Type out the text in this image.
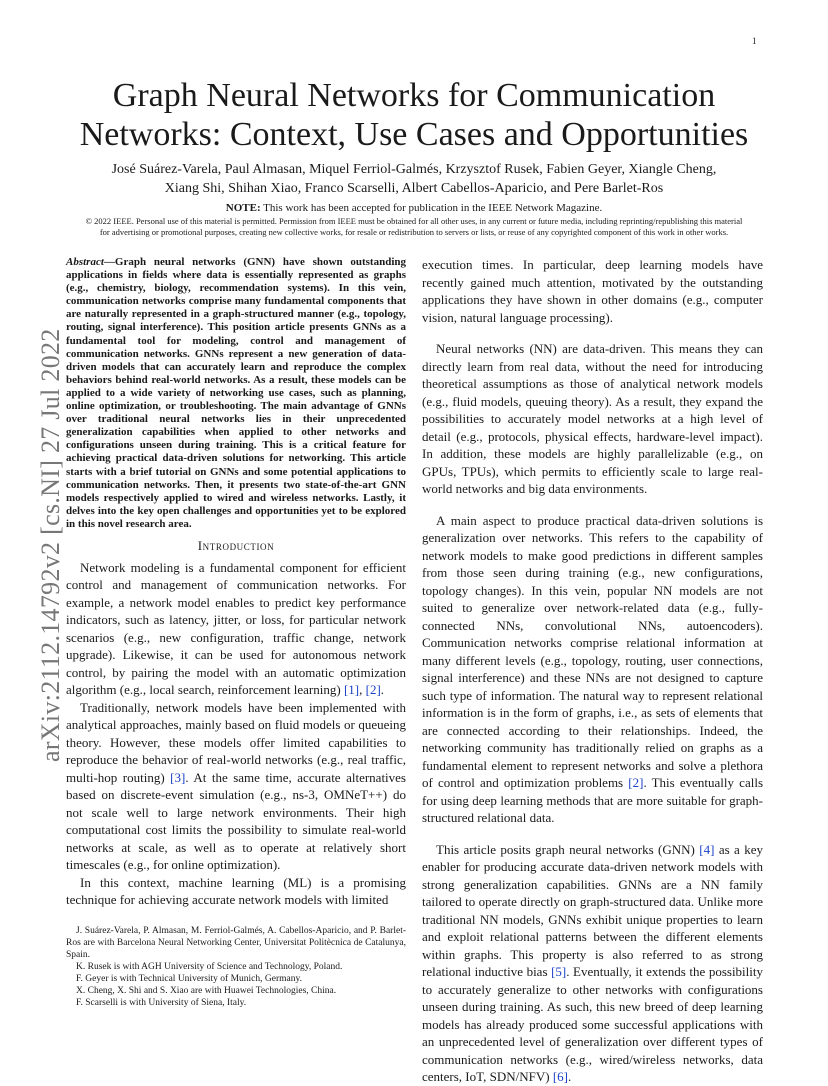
1
arXiv:2112.14792v2 [cs.NI] 27 Jul 2022
Graph Neural Networks for Communication
Networks: Context, Use Cases and Opportunities

José Suárez-Varela, Paul Almasan, Miquel Ferriol-Galmés, Krzysztof Rusek, Fabien Geyer, Xiangle Cheng,
Xiang Shi, Shihan Xiao, Franco Scarselli, Albert Cabellos-Aparicio, and Pere Barlet-Ros

NOTE: This work has been accepted for publication in the IEEE Network Magazine.

© 2022 IEEE. Personal use of this material is permitted. Permission from IEEE must be obtained for all other uses, in any current or future media, including reprinting/republishing this material for advertising or promotional purposes, creating new collective works, for resale or redistribution to servers or lists, or reuse of any copyrighted component of this work in other works.

Abstract—Graph neural networks (GNN) have shown outstanding applications in fields where data is essentially represented as graphs (e.g., chemistry, biology, recommendation systems). In this vein, communication networks comprise many fundamental components that are naturally represented in a graph-structured manner (e.g., topology, routing, signal interference). This position article presents GNNs as a fundamental tool for modeling, control and management of communication networks. GNNs represent a new generation of data-driven models that can accurately learn and reproduce the complex behaviors behind real-world networks. As a result, these models can be applied to a wide variety of networking use cases, such as planning, online optimization, or troubleshooting. The main advantage of GNNs over traditional neural networks lies in their unprecedented generalization capabilities when applied to other networks and configurations unseen during training. This is a critical feature for achieving practical data-driven solutions for networking. This article starts with a brief tutorial on GNNs and some potential applications to communication networks. Then, it presents two state-of-the-art GNN models respectively applied to wired and wireless networks. Lastly, it delves into the key open challenges and opportunities yet to be explored in this novel research area.

Introduction

Network modeling is a fundamental component for efficient control and management of communication networks. For example, a network model enables to predict key performance indicators, such as latency, jitter, or loss, for particular network scenarios (e.g., new configuration, traffic change, network upgrade). Likewise, it can be used for autonomous network control, by pairing the model with an automatic optimization algorithm (e.g., local search, reinforcement learning) [1], [2].

Traditionally, network models have been implemented with analytical approaches, mainly based on fluid models or queueing theory. However, these models offer limited capabilities to reproduce the behavior of real-world networks (e.g., real traffic, multi-hop routing) [3]. At the same time, accurate alternatives based on discrete-event simulation (e.g., ns-3, OMNeT++) do not scale well to large network environments. Their high computational cost limits the possibility to simulate real-world networks at scale, as well as to operate at relatively short timescales (e.g., for online optimization).

In this context, machine learning (ML) is a promising technique for achieving accurate network models with limited

J. Suárez-Varela, P. Almasan, M. Ferriol-Galmés, A. Cabellos-Aparicio, and P. Barlet-Ros are with Barcelona Neural Networking Center, Universitat Politècnica de Catalunya, Spain.

K. Rusek is with AGH University of Science and Technology, Poland.

F. Geyer is with Technical University of Munich, Germany.

X. Cheng, X. Shi and S. Xiao are with Huawei Technologies, China.

F. Scarselli is with University of Siena, Italy.

execution times. In particular, deep learning models have recently gained much attention, motivated by the outstanding applications they have shown in other domains (e.g., computer vision, natural language processing).

Neural networks (NN) are data-driven. This means they can directly learn from real data, without the need for introducing theoretical assumptions as those of analytical network models (e.g., fluid models, queuing theory). As a result, they expand the possibilities to accurately model networks at a high level of detail (e.g., protocols, physical effects, hardware-level impact). In addition, these models are highly parallelizable (e.g., on GPUs, TPUs), which permits to efficiently scale to large real-world networks and big data environments.

A main aspect to produce practical data-driven solutions is generalization over networks. This refers to the capability of network models to make good predictions in different samples from those seen during training (e.g., new configurations, topology changes). In this vein, popular NN models are not suited to generalize over network-related data (e.g., fully-connected NNs, convolutional NNs, autoencoders). Communication networks comprise relational information at many different levels (e.g., topology, routing, user connections, signal interference) and these NNs are not designed to capture such type of information. The natural way to represent relational information is in the form of graphs, i.e., as sets of elements that are connected according to their relationships. Indeed, the networking community has traditionally relied on graphs as a fundamental element to represent networks and solve a plethora of control and optimization problems [2]. This eventually calls for using deep learning methods that are more suitable for graph-structured relational data.

This article posits graph neural networks (GNN) [4] as a key enabler for producing accurate data-driven network models with strong generalization capabilities. GNNs are a NN family tailored to operate directly on graph-structured data. Unlike more traditional NN models, GNNs exhibit unique properties to learn and exploit relational patterns between the different elements within graphs. This property is also referred to as strong relational inductive bias [5]. Eventually, it extends the possibility to accurately generalize to other networks with configurations unseen during training. As such, this new breed of deep learning models has already produced some successful applications with an unprecedented level of generalization over different types of communication networks (e.g., wired/wireless networks, data centers, IoT, SDN/NFV) [6].
